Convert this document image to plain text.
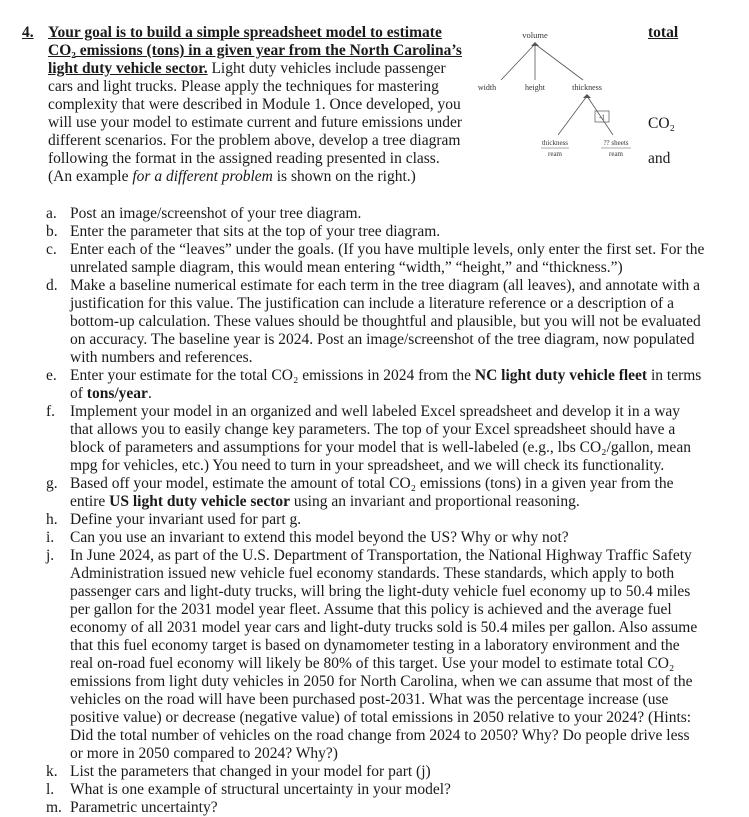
4. Your goal is to build a simple spreadsheet model to estimate CO₂ emissions (tons) in a given year from the North Carolina’s light duty vehicle sector. Light duty vehicles include passenger cars and light trucks. Please apply the techniques for mastering complexity that were described in Module 1. Once developed, you will use your model to estimate current and future emissions under different scenarios. For the problem above, develop a tree diagram following the format in the assigned reading presented in class. (An example for a different problem is shown on the right.)
volume
width	height	thickness
-1
thickness
ream
?? sheets
ream
total
CO₂
and
a. Post an image/screenshot of your tree diagram.
b. Enter the parameter that sits at the top of your tree diagram.
c. Enter each of the “leaves” under the goals. (If you have multiple levels, only enter the first set. For the unrelated sample diagram, this would mean entering “width,” “height,” and “thickness.”)
d. Make a baseline numerical estimate for each term in the tree diagram (all leaves), and annotate with a justification for this value. The justification can include a literature reference or a description of a bottom-up calculation. These values should be thoughtful and plausible, but you will not be evaluated on accuracy. The baseline year is 2024. Post an image/screenshot of the tree diagram, now populated with numbers and references.
e. Enter your estimate for the total CO₂ emissions in 2024 from the NC light duty vehicle fleet in terms of tons/year.
f. Implement your model in an organized and well labeled Excel spreadsheet and develop it in a way that allows you to easily change key parameters. The top of your Excel spreadsheet should have a block of parameters and assumptions for your model that is well-labeled (e.g., lbs CO₂/gallon, mean mpg for vehicles, etc.) You need to turn in your spreadsheet, and we will check its functionality.
g. Based off your model, estimate the amount of total CO₂ emissions (tons) in a given year from the entire US light duty vehicle sector using an invariant and proportional reasoning.
h. Define your invariant used for part g.
i. Can you use an invariant to extend this model beyond the US? Why or why not?
j. In June 2024, as part of the U.S. Department of Transportation, the National Highway Traffic Safety Administration issued new vehicle fuel economy standards. These standards, which apply to both passenger cars and light-duty trucks, will bring the light-duty vehicle fuel economy up to 50.4 miles per gallon for the 2031 model year fleet. Assume that this policy is achieved and the average fuel economy of all 2031 model year cars and light-duty trucks sold is 50.4 miles per gallon. Also assume that this fuel economy target is based on dynamometer testing in a laboratory environment and the real on-road fuel economy will likely be 80% of this target. Use your model to estimate total CO₂ emissions from light duty vehicles in 2050 for North Carolina, when we can assume that most of the vehicles on the road will have been purchased post-2031. What was the percentage increase (use positive value) or decrease (negative value) of total emissions in 2050 relative to your 2024? (Hints: Did the total number of vehicles on the road change from 2024 to 2050? Why? Do people drive less or more in 2050 compared to 2024? Why?)
k. List the parameters that changed in your model for part (j)
l. What is one example of structural uncertainty in your model?
m. Parametric uncertainty?
